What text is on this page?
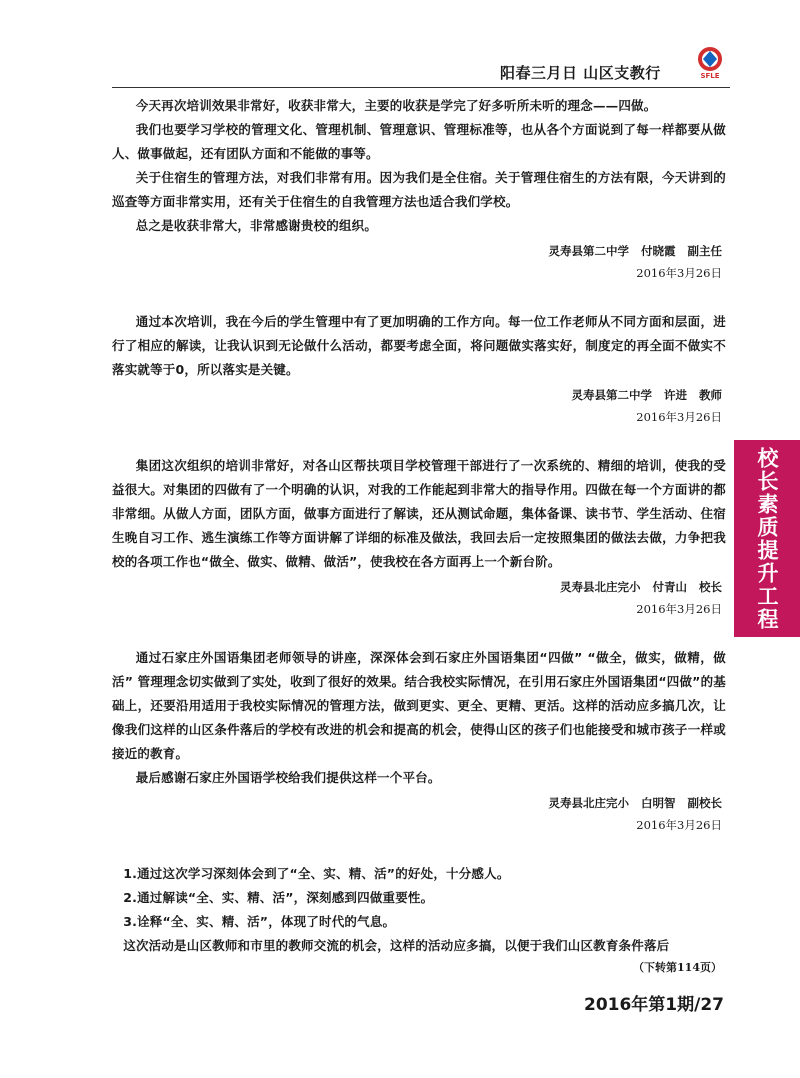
阳春三月日 山区支教行	SFLE

今天再次培训效果非常好，收获非常大，主要的收获是学完了好多听所未听的理念——四做。

我们也要学习学校的管理文化、管理机制、管理意识、管理标准等，也从各个方面说到了每一样都要从做人、做事做起，还有团队方面和不能做的事等。

关于住宿生的管理方法，对我们非常有用。因为我们是全住宿。关于管理住宿生的方法有限，今天讲到的巡查等方面非常实用，还有关于住宿生的自我管理方法也适合我们学校。

总之是收获非常大，非常感谢贵校的组织。

灵寿县第二中学   付晓霞   副主任
2016年3月26日

通过本次培训，我在今后的学生管理中有了更加明确的工作方向。每一位工作老师从不同方面和层面，进行了相应的解读，让我认识到无论做什么活动，都要考虑全面，将问题做实落实好，制度定的再全面不做实不落实就等于0，所以落实是关键。

灵寿县第二中学   许进   教师
2016年3月26日

集团这次组织的培训非常好，对各山区帮扶项目学校管理干部进行了一次系统的、精细的培训，使我的受益很大。对集团的四做有了一个明确的认识，对我的工作能起到非常大的指导作用。四做在每一个方面讲的都非常细。从做人方面，团队方面，做事方面进行了解读，还从测试命题，集体备课、读书节、学生活动、住宿生晚自习工作、逃生演练工作等方面讲解了详细的标准及做法，我回去后一定按照集团的做法去做，力争把我校的各项工作也“做全、做实、做精、做活”，使我校在各方面再上一个新台阶。

灵寿县北庄完小   付青山   校长
2016年3月26日

通过石家庄外国语集团老师领导的讲座，深深体会到石家庄外国语集团“四做” “做全，做实，做精，做活” 管理理念切实做到了实处，收到了很好的效果。结合我校实际情况，在引用石家庄外国语集团“四做”的基础上，还要沿用适用于我校实际情况的管理方法，做到更实、更全、更精、更活。这样的活动应多搞几次，让像我们这样的山区条件落后的学校有改进的机会和提高的机会，使得山区的孩子们也能接受和城市孩子一样或接近的教育。

最后感谢石家庄外国语学校给我们提供这样一个平台。

灵寿县北庄完小   白明智   副校长
2016年3月26日

1.通过这次学习深刻体会到了“全、实、精、活”的好处，十分感人。

2.通过解读“全、实、精、活”，深刻感到四做重要性。

3.诠释“全、实、精、活”，体现了时代的气息。

这次活动是山区教师和市里的教师交流的机会，这样的活动应多搞，以便于我们山区教育条件落后

（下转第114页）
校长素质提升工程
2016年第1期/27
